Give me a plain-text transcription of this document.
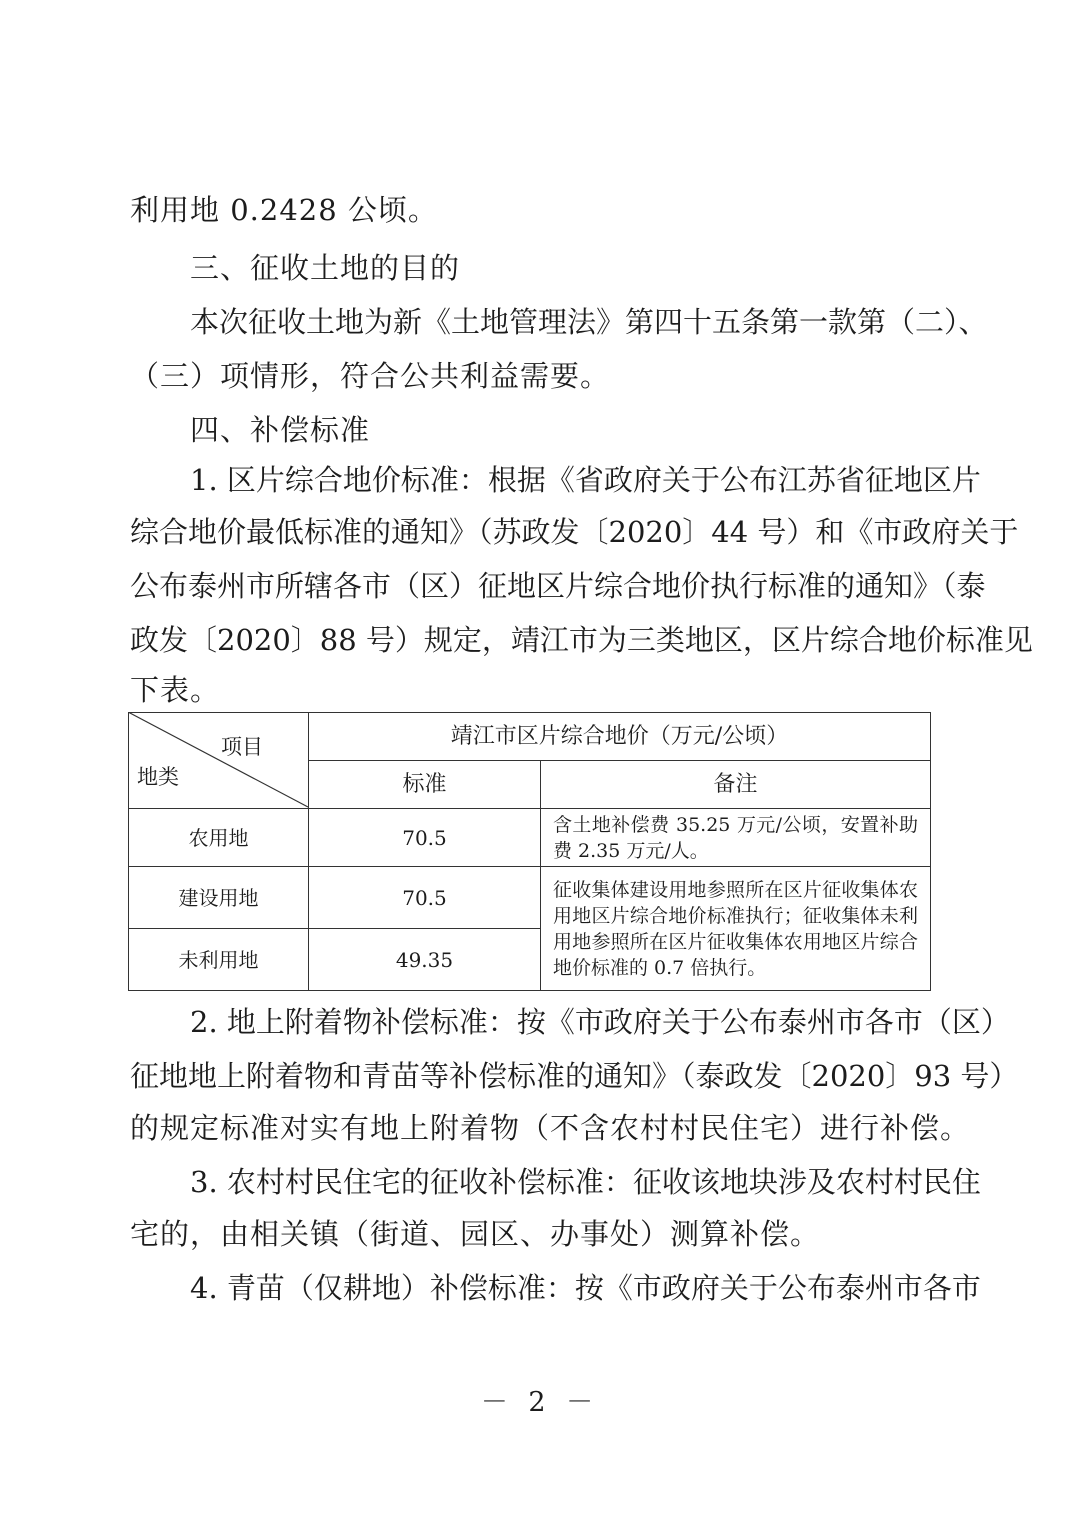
利用地 0.2428 公顷。
三、征收土地的目的
本次征收土地为新《土地管理法》第四十五条第一款第（二）、
（三）项情形，符合公共利益需要。
四、补偿标准
1. 区片综合地价标准：根据《省政府关于公布江苏省征地区片
综合地价最低标准的通知》（苏政发〔2020〕44 号）和《市政府关于
公布泰州市所辖各市（区）征地区片综合地价执行标准的通知》（泰
政发〔2020〕88 号）规定，靖江市为三类地区，区片综合地价标准见
下表。
项目
地类	靖江市区片综合地价（万元/公顷）	
	标准	备注
农用地	70.5	含土地补偿费 35.25 万元/公顷，安置补助费 2.35 万元/人。
建设用地	70.5	征收集体建设用地参照所在区片征收集体农用地区片综合地价标准执行；征收集体未利用地参照所在区片征收集体农用地区片综合地价标准的 0.7 倍执行。
未利用地	49.35	
2. 地上附着物补偿标准：按《市政府关于公布泰州市各市（区）
征地地上附着物和青苗等补偿标准的通知》（泰政发〔2020〕93 号）
的规定标准对实有地上附着物（不含农村村民住宅）进行补偿。
3. 农村村民住宅的征收补偿标准：征收该地块涉及农村村民住
宅的，由相关镇（街道、园区、办事处）测算补偿。
4. 青苗（仅耕地）补偿标准：按《市政府关于公布泰州市各市
－ 2 －
